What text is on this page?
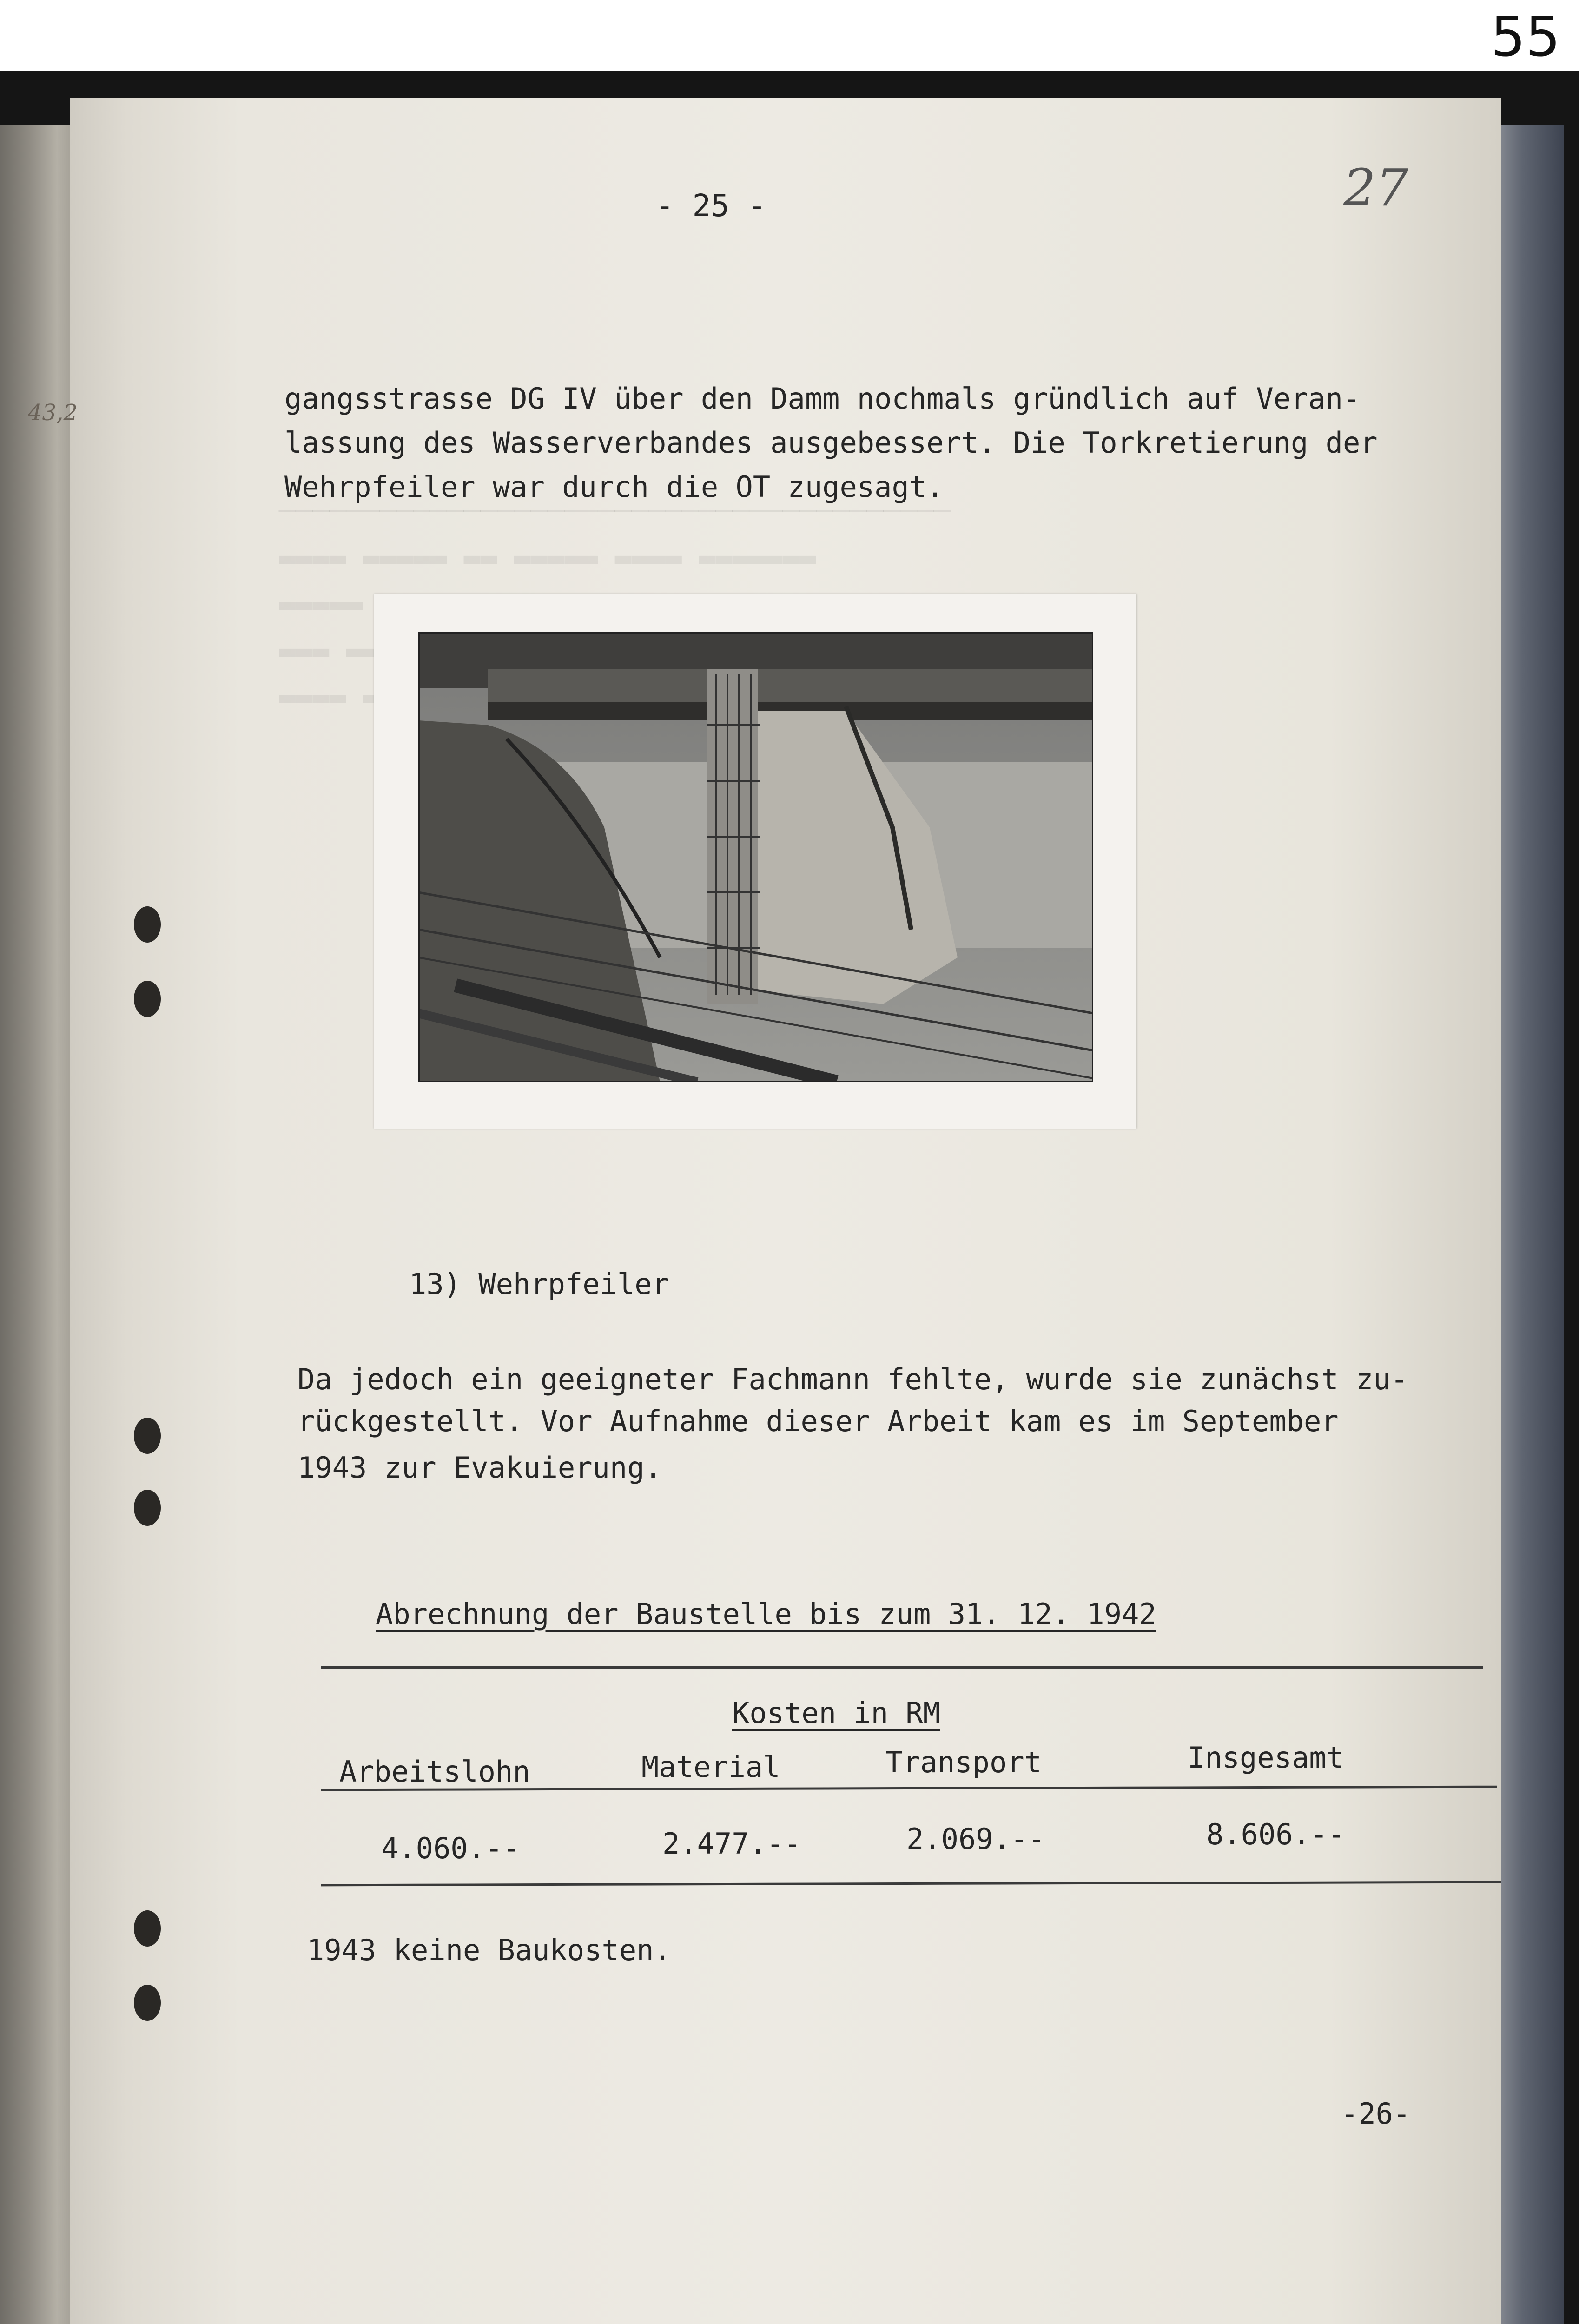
55
- 25 -	27
43,2	gangsstrasse DG IV über den Damm nochmals gründlich auf Veran-
lassung des Wasserverbandes ausgebessert. Die Torkretierung der
Wehrpfeiler war durch die OT zugesagt.
13) Wehrpfeiler
Da jedoch ein geeigneter Fachmann fehlte, wurde sie zunächst zu-
rückgestellt. Vor Aufnahme dieser Arbeit kam es im September
1943 zur Evakuierung.
Abrechnung der Baustelle bis zum 31. 12. 1942
Kosten in RM
Arbeitslohn	Material	Transport	Insgesamt
4.060.--	2.477.--	2.069.--	8.606.--
1943 keine Baukosten.
-26-
